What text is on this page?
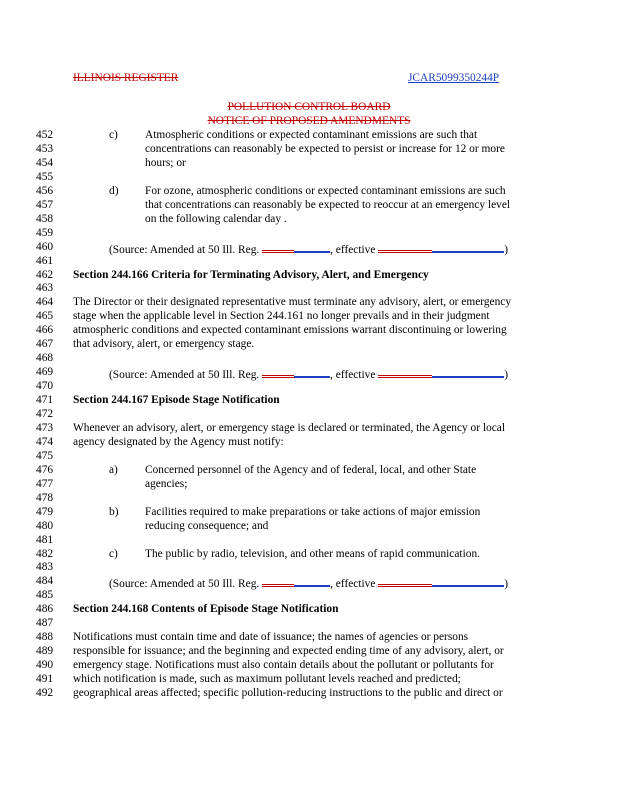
ILLINOIS REGISTER	JCAR5099350244P
POLLUTION CONTROL BOARD
NOTICE OF PROPOSED AMENDMENTS
452	c) Atmospheric conditions or expected contaminant emissions are such that
453	concentrations can reasonably be expected to persist or increase for 12 or more
454	hours; or
455
456	d) For ozone, atmospheric conditions or expected contaminant emissions are such
457	that concentrations can reasonably be expected to reoccur at an emergency level
458	on the following calendar day .
459
460	(Source: Amended at 50 Ill. Reg.	, effective	)
461
462	Section 244.166 Criteria for Terminating Advisory, Alert, and Emergency
463
464	The Director or their designated representative must terminate any advisory, alert, or emergency
465	stage when the applicable level in Section 244.161 no longer prevails and in their judgment
466	atmospheric conditions and expected contaminant emissions warrant discontinuing or lowering
467	that advisory, alert, or emergency stage.
468
469	(Source: Amended at 50 Ill. Reg.	, effective	)
470
471	Section 244.167 Episode Stage Notification
472
473	Whenever an advisory, alert, or emergency stage is declared or terminated, the Agency or local
474	agency designated by the Agency must notify:
475
476	a) Concerned personnel of the Agency and of federal, local, and other State
477	agencies;
478
479	b) Facilities required to make preparations or take actions of major emission
480	reducing consequence; and
481
482	c) The public by radio, television, and other means of rapid communication.
483
484	(Source: Amended at 50 Ill. Reg.	, effective	)
485
486	Section 244.168 Contents of Episode Stage Notification
487
488	Notifications must contain time and date of issuance; the names of agencies or persons
489	responsible for issuance; and the beginning and expected ending time of any advisory, alert, or
490	emergency stage. Notifications must also contain details about the pollutant or pollutants for
491	which notification is made, such as maximum pollutant levels reached and predicted;
492	geographical areas affected; specific pollution-reducing instructions to the public and direct or
